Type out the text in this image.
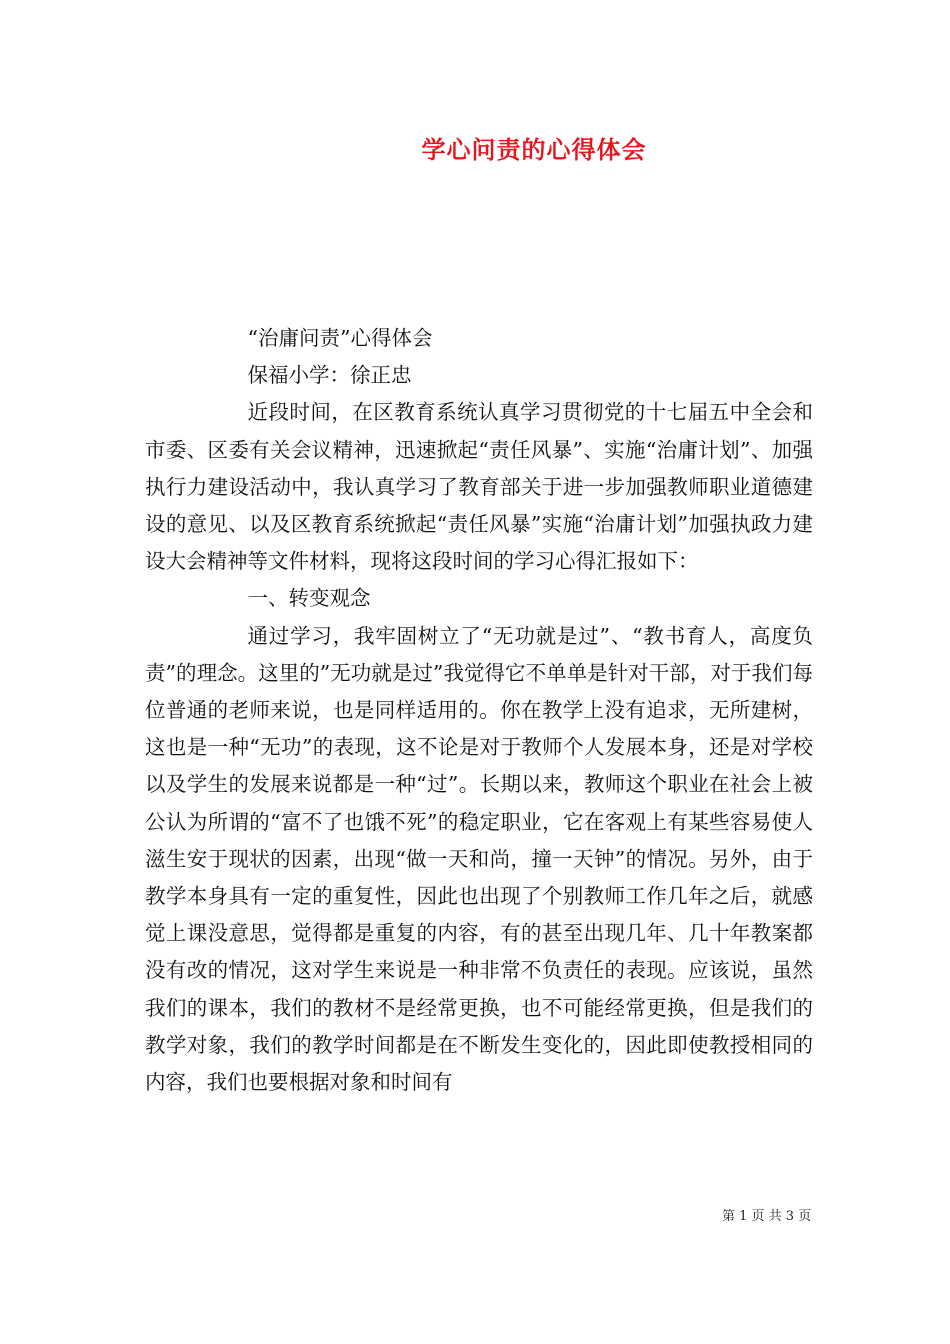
学心问责的心得体会

“治庸问责”心得体会

保福小学：徐正忠

近段时间，在区教育系统认真学习贯彻党的十七届五中全会和市委、区委有关会议精神，迅速掀起“责任风暴”、实施“治庸计划”、加强执行力建设活动中，我认真学习了教育部关于进一步加强教师职业道德建设的意见、以及区教育系统掀起“责任风暴”实施“治庸计划”加强执政力建设大会精神等文件材料，现将这段时间的学习心得汇报如下：

一、转变观念

通过学习，我牢固树立了“无功就是过”、“教书育人，高度负责”的理念。这里的”无功就是过”我觉得它不单单是针对干部，对于我们每位普通的老师来说，也是同样适用的。你在教学上没有追求，无所建树，这也是一种“无功”的表现，这不论是对于教师个人发展本身，还是对学校以及学生的发展来说都是一种“过”。长期以来，教师这个职业在社会上被公认为所谓的“富不了也饿不死”的稳定职业，它在客观上有某些容易使人滋生安于现状的因素，出现“做一天和尚，撞一天钟”的情况。另外，由于教学本身具有一定的重复性，因此也出现了个别教师工作几年之后，就感觉上课没意思，觉得都是重复的内容，有的甚至出现几年、几十年教案都没有改的情况，这对学生来说是一种非常不负责任的表现。应该说，虽然我们的课本，我们的教材不是经常更换，也不可能经常更换，但是我们的教学对象，我们的教学时间都是在不断发生变化的，因此即使教授相同的内容，我们也要根据对象和时间有

第 1 页 共 3 页
